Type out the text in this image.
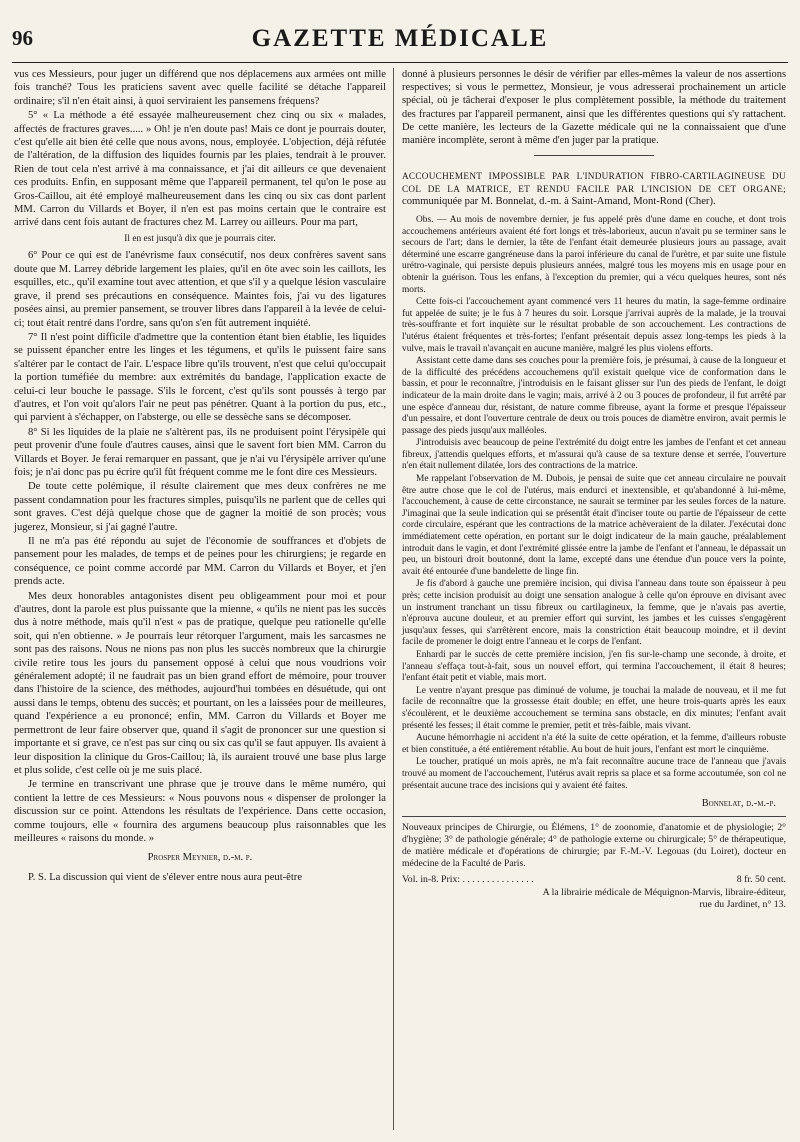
96	GAZETTE MÉDICALE

vus ces Messieurs, pour juger un différend que nos déplacemens aux armées ont mille fois tranché? Tous les praticiens savent avec quelle facilité se détache l'appareil ordinaire; s'il n'en était ainsi, à quoi serviraient les pansemens fréquens?

5° « La méthode a été essayée malheureusement chez cinq ou six « malades, affectés de fractures graves..... » Oh! je n'en doute pas! Mais ce dont je pourrais douter, c'est qu'elle ait bien été celle que nous avons, nous, employée. L'objection, déjà réfutée de l'altération, de la diffusion des liquides fournis par les plaies, tendrait à le prouver. Rien de tout cela n'est arrivé à ma connaissance, et j'ai dit ailleurs ce que devenaient ces produits. Enfin, en supposant même que l'appareil permanent, tel qu'on le pose au Gros-Caillou, ait été employé malheureusement dans les cinq ou six cas dont parlent MM. Carron du Villards et Boyer, il n'en est pas moins certain que le contraire est arrivé dans cent fois autant de fractures chez M. Larrey ou ailleurs. Pour ma part,

Il en est jusqu'à dix que je pourrais citer.

6° Pour ce qui est de l'anévrisme faux consécutif, nos deux confrères savent sans doute que M. Larrey débride largement les plaies, qu'il en ôte avec soin les caillots, les esquilles, etc., qu'il examine tout avec attention, et que s'il y a quelque lésion vasculaire grave, il prend ses précautions en conséquence. Maintes fois, j'ai vu des ligatures posées ainsi, au premier pansement, se trouver libres dans l'appareil à la levée de celui-ci; tout était rentré dans l'ordre, sans qu'on s'en fût autrement inquiété.

7° Il n'est point difficile d'admettre que la contention étant bien établie, les liquides se puissent épancher entre les linges et les tégumens, et qu'ils le puissent faire sans s'altérer par le contact de l'air. L'espace libre qu'ils trouvent, n'est que celui qu'occupait la portion tuméfiée du membre: aux extrémités du bandage, l'application exacte de celui-ci leur bouche le passage. S'ils le forcent, c'est qu'ils sont poussés à tergo par d'autres, et l'on voit qu'alors l'air ne peut pas pénétrer. Quant à la portion du pus, etc., qui parvient à s'échapper, on l'absterge, ou elle se dessèche sans se décomposer.

8° Si les liquides de la plaie ne s'altèrent pas, ils ne produisent point l'érysipèle qui peut provenir d'une foule d'autres causes, ainsi que le savent fort bien MM. Carron du Villards et Boyer. Je ferai remarquer en passant, que je n'ai vu l'érysipèle arriver qu'une fois; je n'ai donc pas pu écrire qu'il fût fréquent comme me le font dire ces Messieurs.

De toute cette polémique, il résulte clairement que mes deux confrères ne me passent condamnation pour les fractures simples, puisqu'ils ne parlent que de celles qui sont graves. C'est déjà quelque chose que de gagner la moitié de son procès; vous jugerez, Monsieur, si j'ai gagné l'autre.

Il ne m'a pas été répondu au sujet de l'économie de souffrances et d'objets de pansement pour les malades, de temps et de peines pour les chirurgiens; je regarde en conséquence, ce point comme accordé par MM. Carron du Villards et Boyer, et j'en prends acte.

Mes deux honorables antagonistes disent peu obligeamment pour moi et pour d'autres, dont la parole est plus puissante que la mienne, « qu'ils ne nient pas les succès dus à notre méthode, mais qu'il n'est « pas de pratique, quelque peu rationelle qu'elle soit, qui n'en obtienne. » Je pourrais leur rétorquer l'argument, mais les sarcasmes ne sont pas des raisons. Nous ne nions pas non plus les succès nombreux que la chirurgie civile retire tous les jours du pansement opposé à celui que nous voudrions voir généralement adopté; il ne faudrait pas un bien grand effort de mémoire, pour trouver dans l'histoire de la science, des méthodes, aujourd'hui tombées en désuétude, qui ont aussi dans le temps, obtenu des succès; et pourtant, on les a laissées pour de meilleures, quand l'expérience a eu prononcé; enfin, MM. Carron du Villards et Boyer me permettront de leur faire observer que, quand il s'agit de prononcer sur une question si importante et si grave, ce n'est pas sur cinq ou six cas qu'il se faut appuyer. Ils avaient à leur disposition la clinique du Gros-Caillou; là, ils auraient trouvé une base plus large et plus solide, c'est celle où je me suis placé.

Je termine en transcrivant une phrase que je trouve dans le même numéro, qui contient la lettre de ces Messieurs: « Nous pouvons nous « dispenser de prolonger la discussion sur ce point. Attendons les résultats de l'expérience. Dans cette occasion, comme toujours, elle « fournira des argumens beaucoup plus raisonnables que les meilleures « raisons du monde. »

Prosper Meynier, d.-m. p.

P. S. La discussion qui vient de s'élever entre nous aura peut-être

donné à plusieurs personnes le désir de vérifier par elles-mêmes la valeur de nos assertions respectives; si vous le permettez, Monsieur, je vous adresserai prochainement un article spécial, où je tâcherai d'exposer le plus complètement possible, la méthode du traitement des fractures par l'appareil permanent, ainsi que les différentes questions qui s'y rattachent. De cette manière, les lecteurs de la Gazette médicale qui ne la connaissaient que d'une manière incomplète, seront à même d'en juger par la pratique.

ACCOUCHEMENT IMPOSSIBLE PAR L'INDURATION FIBRO-CARTILAGINEUSE DU COL DE LA MATRICE, ET RENDU FACILE PAR L'INCISION DE CET ORGANE; communiquée par M. Bonnelat, d.-m. à Saint-Amand, Mont-Rond (Cher).

Obs. — Au mois de novembre dernier, je fus appelé près d'une dame en couche, et dont trois accouchemens antérieurs avaient été fort longs et très-laborieux, aucun n'avait pu se terminer sans le secours de l'art; dans le dernier, la tête de l'enfant était demeurée plusieurs jours au passage, avait déterminé une escarre gangréneuse dans la paroi inférieure du canal de l'urètre, et par suite une fistule urétro-vaginale, qui persiste depuis plusieurs années, malgré tous les moyens mis en usage pour en obtenir la guérison. Tous les enfans, à l'exception du premier, qui a vécu quelques heures, sont nés morts.

Cette fois-ci l'accouchement ayant commencé vers 11 heures du matin, la sage-femme ordinaire fut appelée de suite; je le fus à 7 heures du soir. Lorsque j'arrivai auprès de la malade, je la trouvai très-souffrante et fort inquiète sur le résultat probable de son accouchement. Les contractions de l'utérus étaient fréquentes et très-fortes; l'enfant présentait depuis assez long-temps les pieds à la vulve, mais le travail n'avançait en aucune manière, malgré les plus violens efforts.

Assistant cette dame dans ses couches pour la première fois, je présumai, à cause de la longueur et de la difficulté des précédens accouchemens qu'il existait quelque vice de conformation dans le bassin, et pour le reconnaître, j'introduisis en le faisant glisser sur l'un des pieds de l'enfant, le doigt indicateur de la main droite dans le vagin; mais, arrivé à 2 ou 3 pouces de profondeur, il fut arrêté par une espèce d'anneau dur, résistant, de nature comme fibreuse, ayant la forme et presque l'épaisseur d'un pessaire, et dont l'ouverture centrale de deux ou trois pouces de diamètre environ, avait permis le passage des pieds jusqu'aux malléoles.

J'introduisis avec beaucoup de peine l'extrémité du doigt entre les jambes de l'enfant et cet anneau fibreux, j'attendis quelques efforts, et m'assurai qu'à cause de sa texture dense et serrée, l'ouverture n'en était nullement dilatée, lors des contractions de la matrice.

Me rappelant l'observation de M. Dubois, je pensai de suite que cet anneau circulaire ne pouvait être autre chose que le col de l'utérus, mais endurci et inextensible, et qu'abandonné à lui-même, l'accouchement, à cause de cette circonstance, ne saurait se terminer par les seules forces de la nature. J'imaginai que la seule indication qui se présentât était d'inciser toute ou partie de l'épaisseur de cette corde circulaire, espérant que les contractions de la matrice achèveraient de la dilater. J'exécutai donc immédiatement cette opération, en portant sur le doigt indicateur de la main gauche, préalablement introduit dans le vagin, et dont l'extrémité glissée entre la jambe de l'enfant et l'anneau, le dépassait un peu, un bistouri droit boutonné, dont la lame, excepté dans une étendue d'un pouce vers la pointe, avait été entourée d'une bandelette de linge fin.

Je fis d'abord à gauche une première incision, qui divisa l'anneau dans toute son épaisseur à peu près; cette incision produisit au doigt une sensation analogue à celle qu'on éprouve en divisant avec un instrument tranchant un tissu fibreux ou cartilagineux, la femme, que je n'avais pas avertie, n'éprouva aucune douleur, et au premier effort qui survint, les jambes et les cuisses s'engagèrent jusqu'aux fesses, qui s'arrêtèrent encore, mais la constriction était beaucoup moindre, et il devint facile de promener le doigt entre l'anneau et le corps de l'enfant.

Enhardi par le succès de cette première incision, j'en fis sur-le-champ une seconde, à droite, et l'anneau s'effaça tout-à-fait, sous un nouvel effort, qui termina l'accouchement, il était 8 heures; l'enfant était petit et viable, mais mort.

Le ventre n'ayant presque pas diminué de volume, je touchai la malade de nouveau, et il me fut facile de reconnaître que la grossesse était double; en effet, une heure trois-quarts après les eaux s'écoulèrent, et le deuxième accouchement se termina sans obstacle, en dix minutes; l'enfant avait présenté les fesses; il était comme le premier, petit et très-faible, mais vivant.

Aucune hémorrhagie ni accident n'a été la suite de cette opération, et la femme, d'ailleurs robuste et bien constituée, a été entièrement rétablie. Au bout de huit jours, l'enfant est mort le cinquième.

Le toucher, pratiqué un mois après, ne m'a fait reconnaître aucune trace de l'anneau que j'avais trouvé au moment de l'accouchement, l'utérus avait repris sa place et sa forme accoutumée, son col ne présentait aucune trace des incisions qui y avaient été faites.

Bonnelat, d.-m.-p.

Nouveaux principes de Chirurgie, ou Élémens, 1° de zoonomie, d'anatomie et de physiologie; 2° d'hygiène; 3° de pathologie générale; 4° de pathologie externe ou chirurgicale; 5° de thérapeutique, de matière médicale et d'opérations de chirurgie; par F.-M.-V. Legouas (du Loiret), docteur en médecine de la Faculté de Paris.

Vol. in-8. Prix: . . . . . . . . . . . . . . .	8 fr. 50 cent.

A la librairie médicale de Méquignon-Marvis, libraire-éditeur,

rue du Jardinet, n° 13.
